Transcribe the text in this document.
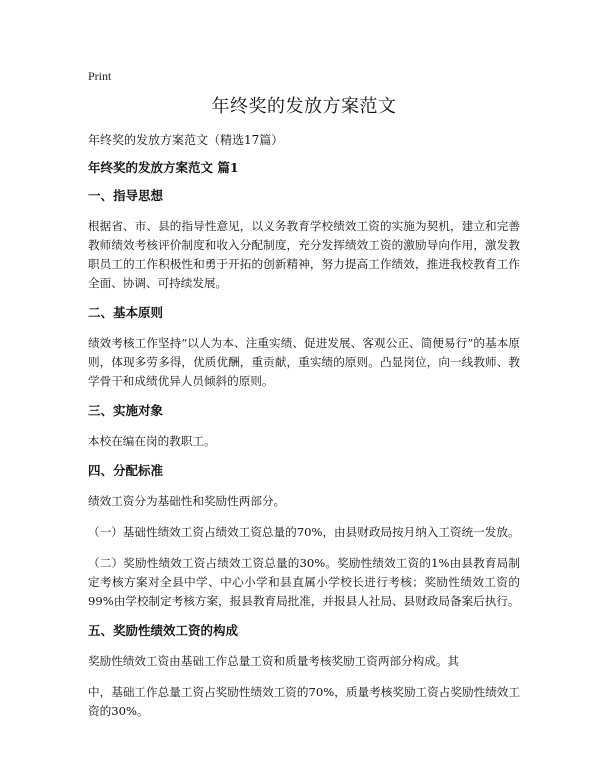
Print
年终奖的发放方案范文
年终奖的发放方案范文（精选17篇）
年终奖的发放方案范文 篇1
一、指导思想
根据省、市、县的指导性意见，以义务教育学校绩效工资的实施为契机，建立和完善教师绩效考核评价制度和收入分配制度，充分发挥绩效工资的激励导向作用，激发教职员工的工作积极性和勇于开拓的创新精神，努力提高工作绩效，推进我校教育工作全面、协调、可持续发展。
二、基本原则
绩效考核工作坚持“以人为本、注重实绩、促进发展、客观公正、简便易行”的基本原则，体现多劳多得，优质优酬，重贡献，重实绩的原则。凸显岗位，向一线教师、教学骨干和成绩优异人员倾斜的原则。
三、实施对象
本校在编在岗的教职工。
四、分配标准
绩效工资分为基础性和奖励性两部分。
（一）基础性绩效工资占绩效工资总量的70%，由县财政局按月纳入工资统一发放。
（二）奖励性绩效工资占绩效工资总量的30%。奖励性绩效工资的1%由县教育局制定考核方案对全县中学、中心小学和县直属小学校长进行考核；奖励性绩效工资的99%由学校制定考核方案，报县教育局批准，并报县人社局、县财政局备案后执行。
五、奖励性绩效工资的构成
奖励性绩效工资由基础工作总量工资和质量考核奖励工资两部分构成。其
中，基础工作总量工资占奖励性绩效工资的70%，质量考核奖励工资占奖励性绩效工资的30%。
